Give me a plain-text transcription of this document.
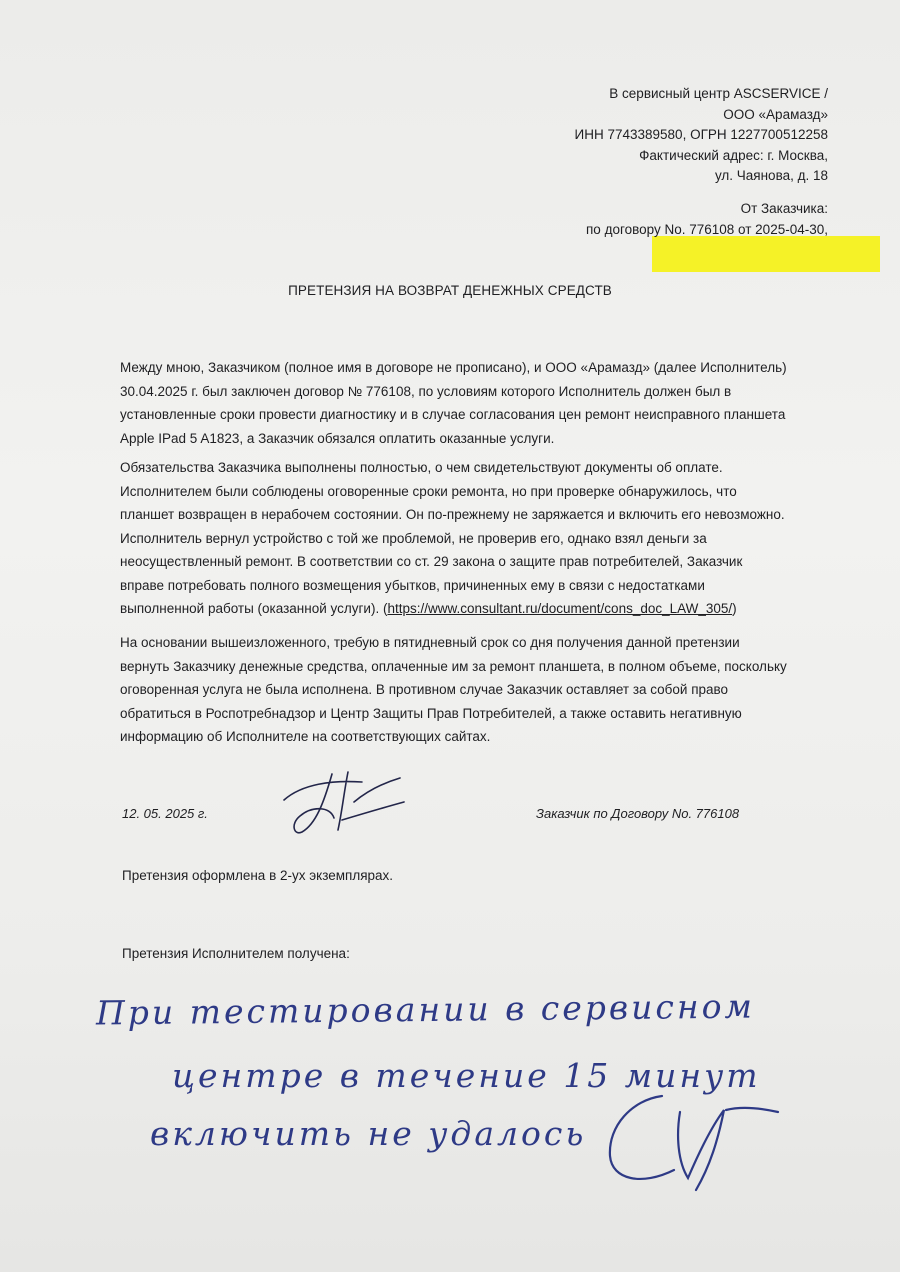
В сервисный центр ASCSERVICE /
ООО «Арамазд»
ИНН 7743389580, ОГРН 1227700512258
Фактический адрес: г. Москва,
ул. Чаянова, д. 18
От Заказчика:
по договору No. 776108 от 2025-04-30,
ПРЕТЕНЗИЯ НА ВОЗВРАТ ДЕНЕЖНЫХ СРЕДСТВ
Между мною, Заказчиком (полное имя в договоре не прописано), и ООО «Арамазд» (далее Исполнитель)
30.04.2025 г. был заключен договор № 776108, по условиям которого Исполнитель должен был в
установленные сроки провести диагностику и в случае согласования цен ремонт неисправного планшета
Apple IPad 5 A1823, а Заказчик обязался оплатить оказанные услуги.
Обязательства Заказчика выполнены полностью, о чем свидетельствуют документы об оплате.
Исполнителем были соблюдены оговоренные сроки ремонта, но при проверке обнаружилось, что
планшет возвращен в нерабочем состоянии. Он по-прежнему не заряжается и включить его невозможно.
Исполнитель вернул устройство с той же проблемой, не проверив его, однако взял деньги за
неосуществленный ремонт. В соответствии со ст. 29 закона о защите прав потребителей, Заказчик
вправе потребовать полного возмещения убытков, причиненных ему в связи с недостатками
выполненной работы (оказанной услуги). (https://www.consultant.ru/document/cons_doc_LAW_305/)
На основании вышеизложенного, требую в пятидневный срок со дня получения данной претензии
вернуть Заказчику денежные средства, оплаченные им за ремонт планшета, в полном объеме, поскольку
оговоренная услуга не была исполнена. В противном случае Заказчик оставляет за собой право
обратиться в Роспотребнадзор и Центр Защиты Прав Потребителей, а также оставить негативную
информацию об Исполнителе на соответствующих сайтах.
12. 05. 2025 г.	Заказчик по Договору No. 776108
Претензия оформлена в 2-ух экземплярах.
Претензия Исполнителем получена:
При тестировании в сервисном
центре в течение 15 минут
включить не удалось
